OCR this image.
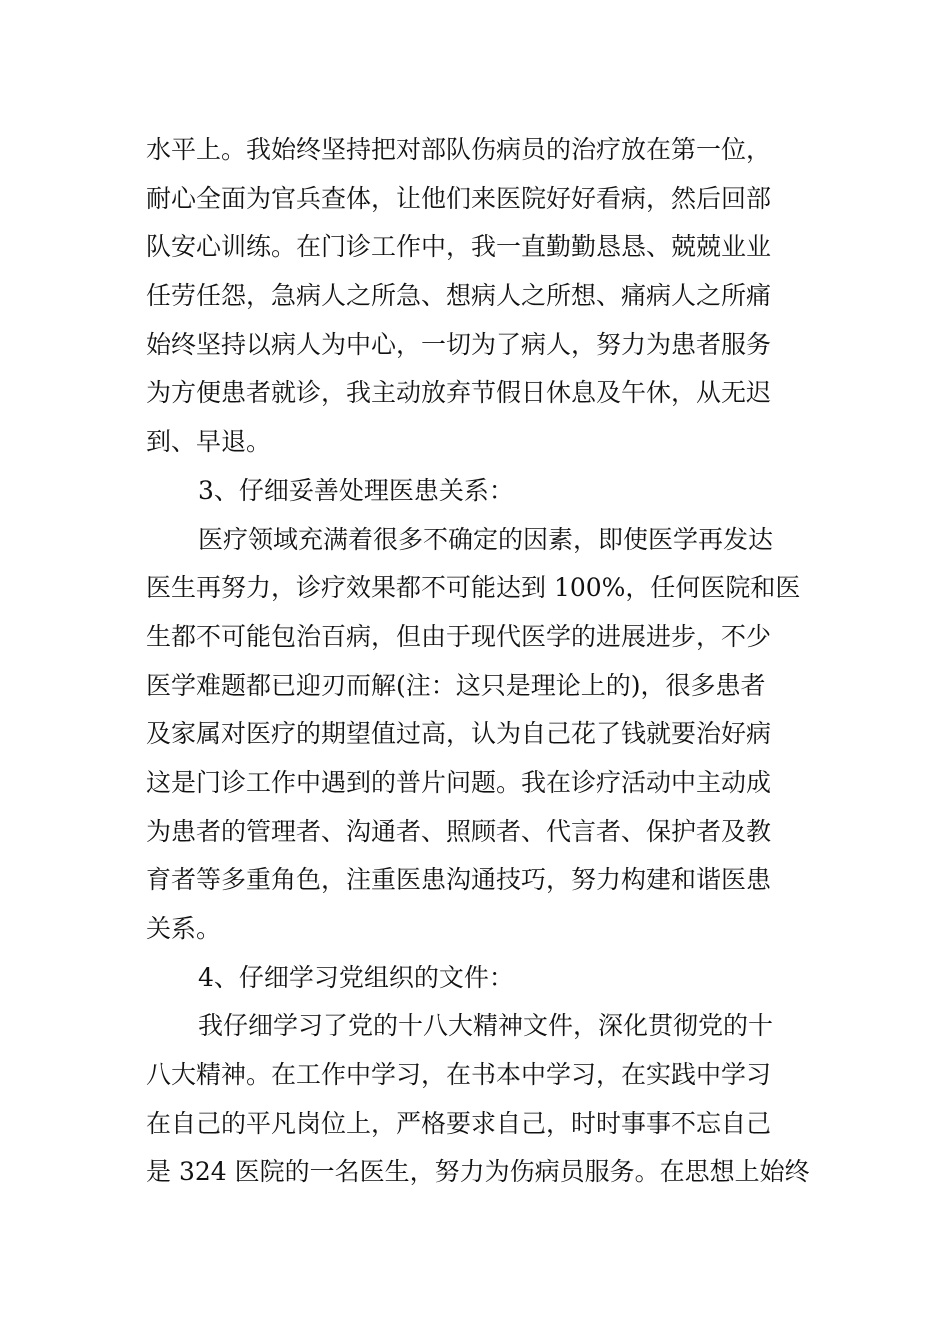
水平上。我始终坚持把对部队伤病员的治疗放在第一位，
耐心全面为官兵查体，让他们来医院好好看病，然后回部
队安心训练。在门诊工作中，我一直勤勤恳恳、兢兢业业
任劳任怨，急病人之所急、想病人之所想、痛病人之所痛
始终坚持以病人为中心，一切为了病人，努力为患者服务
为方便患者就诊，我主动放弃节假日休息及午休，从无迟
到、早退。
3、仔细妥善处理医患关系：
医疗领域充满着很多不确定的因素，即使医学再发达
医生再努力，诊疗效果都不可能达到 100%，任何医院和医
生都不可能包治百病，但由于现代医学的进展进步，不少
医学难题都已迎刃而解(注：这只是理论上的)，很多患者
及家属对医疗的期望值过高，认为自己花了钱就要治好病
这是门诊工作中遇到的普片问题。我在诊疗活动中主动成
为患者的管理者、沟通者、照顾者、代言者、保护者及教
育者等多重角色，注重医患沟通技巧，努力构建和谐医患
关系。
4、仔细学习党组织的文件：
我仔细学习了党的十八大精神文件，深化贯彻党的十
八大精神。在工作中学习，在书本中学习，在实践中学习
在自己的平凡岗位上，严格要求自己，时时事事不忘自己
是 324 医院的一名医生，努力为伤病员服务。在思想上始终
